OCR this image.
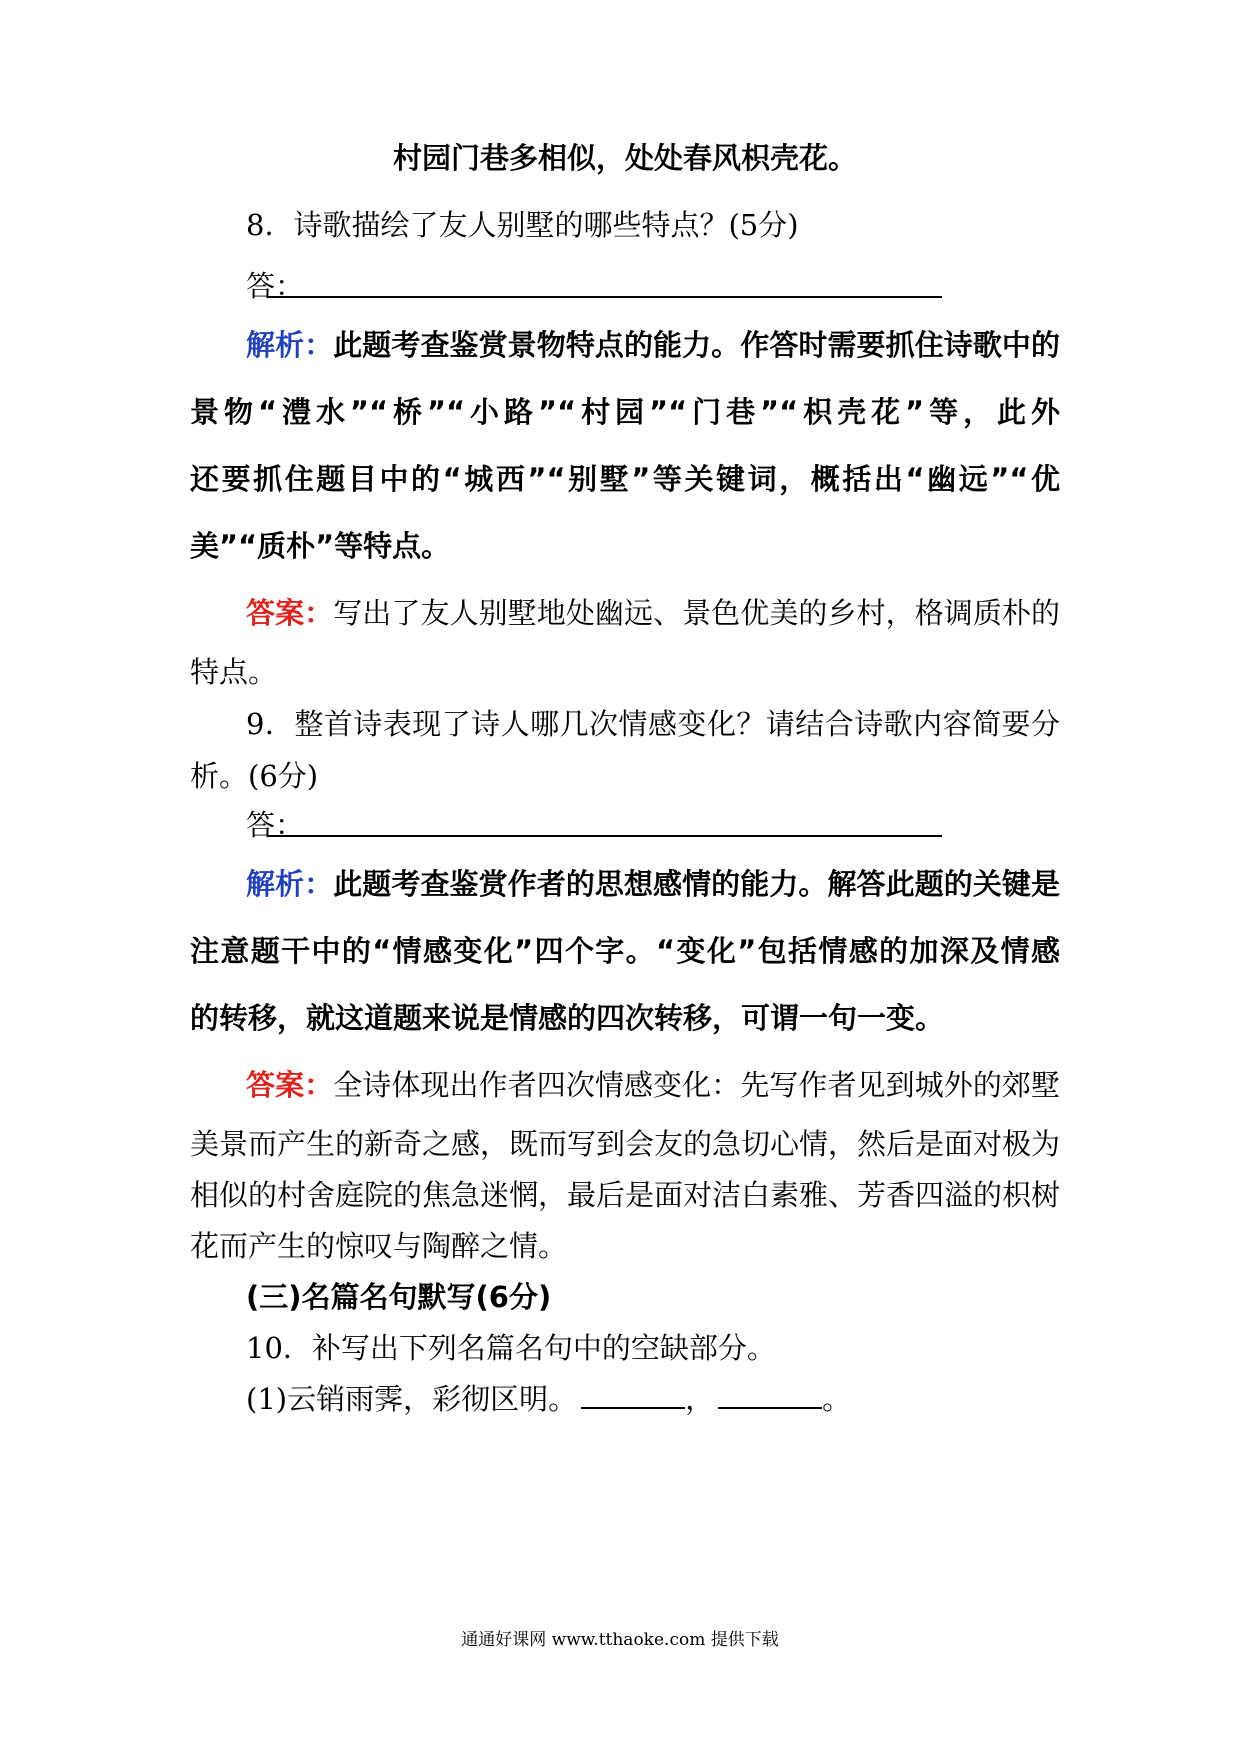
村园门巷多相似，处处春风枳壳花。
8．诗歌描绘了友人别墅的哪些特点？(5分)
答：
解析：此题考查鉴赏景物特点的能力。作答时需要抓住诗歌中的
景物“澧水”“桥”“小路”“村园”“门巷”“枳壳花”等，此外
还要抓住题目中的“城西”“别墅”等关键词，概括出“幽远”“优
美”“质朴”等特点。
答案：写出了友人别墅地处幽远、景色优美的乡村，格调质朴的
特点。
9．整首诗表现了诗人哪几次情感变化？请结合诗歌内容简要分
析。(6分)
答：
解析：此题考查鉴赏作者的思想感情的能力。解答此题的关键是
注意题干中的“情感变化”四个字。“变化”包括情感的加深及情感
的转移，就这道题来说是情感的四次转移，可谓一句一变。
答案：全诗体现出作者四次情感变化：先写作者见到城外的郊墅
美景而产生的新奇之感，既而写到会友的急切心情，然后是面对极为
相似的村舍庭院的焦急迷惘，最后是面对洁白素雅、芳香四溢的枳树
花而产生的惊叹与陶醉之情。
(三)名篇名句默写(6分)
10．补写出下列名篇名句中的空缺部分。
(1)云销雨霁，彩彻区明。	，	。
通通好课网 www.tthaoke.com 提供下载
